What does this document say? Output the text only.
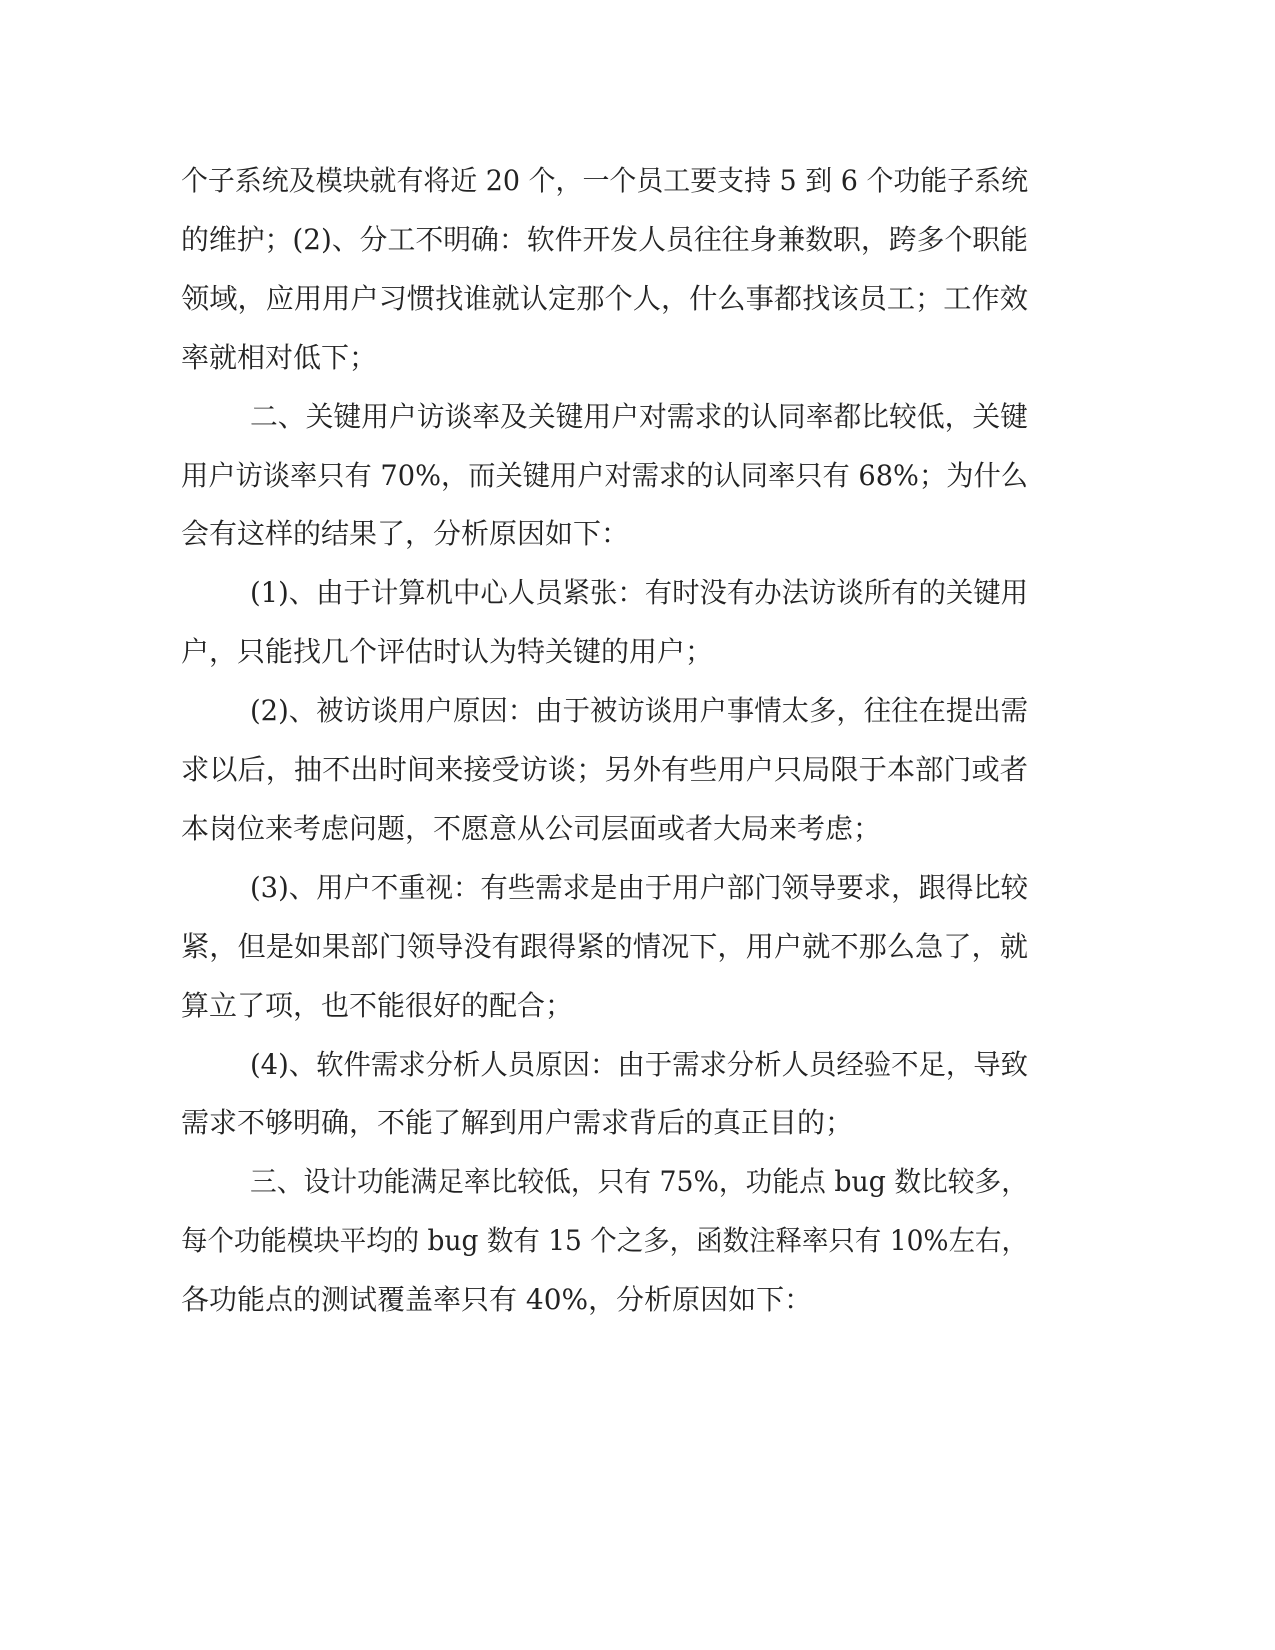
个子系统及模块就有将近 20 个，一个员工要支持 5 到 6 个功能子系统
的维护；(2)、分工不明确：软件开发人员往往身兼数职，跨多个职能
领域，应用用户习惯找谁就认定那个人，什么事都找该员工；工作效
率就相对低下；
二、关键用户访谈率及关键用户对需求的认同率都比较低，关键
用户访谈率只有 70%，而关键用户对需求的认同率只有 68%；为什么
会有这样的结果了，分析原因如下：
(1)、由于计算机中心人员紧张：有时没有办法访谈所有的关键用
户，只能找几个评估时认为特关键的用户；
(2)、被访谈用户原因：由于被访谈用户事情太多，往往在提出需
求以后，抽不出时间来接受访谈；另外有些用户只局限于本部门或者
本岗位来考虑问题，不愿意从公司层面或者大局来考虑；
(3)、用户不重视：有些需求是由于用户部门领导要求，跟得比较
紧，但是如果部门领导没有跟得紧的情况下，用户就不那么急了，就
算立了项，也不能很好的配合；
(4)、软件需求分析人员原因：由于需求分析人员经验不足，导致
需求不够明确，不能了解到用户需求背后的真正目的；
三、设计功能满足率比较低，只有 75%，功能点 bug 数比较多，
每个功能模块平均的 bug 数有 15 个之多，函数注释率只有 10%左右，
各功能点的测试覆盖率只有 40%，分析原因如下：
